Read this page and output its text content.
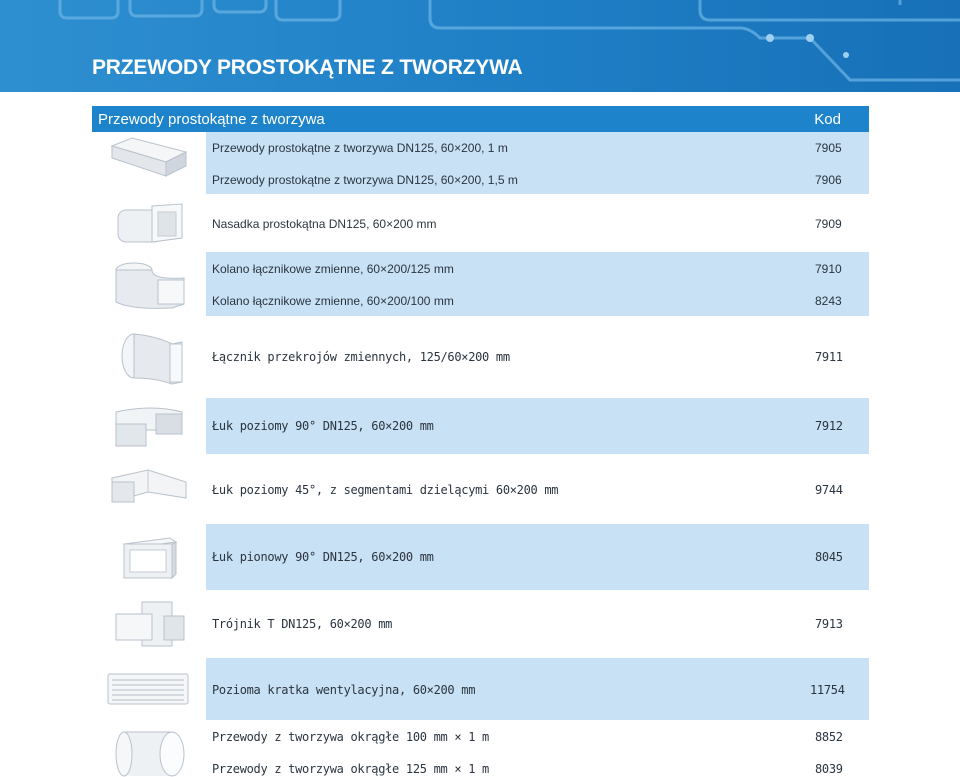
PRZEWODY PROSTOKĄTNE Z TWORZYWA
Przewody prostokątne z tworzywa	Kod
Przewody prostokątne z tworzywa DN125, 60×200, 1 m	7905
Przewody prostokątne z tworzywa DN125, 60×200, 1,5 m	7906
Nasadka prostokątna DN125, 60×200 mm	7909
Kolano łącznikowe zmienne, 60×200/125 mm	7910
Kolano łącznikowe zmienne, 60×200/100 mm	8243
Łącznik przekrojów zmiennych, 125/60×200 mm	7911
Łuk poziomy 90° DN125, 60×200 mm	7912
Łuk poziomy 45°, z segmentami dzielącymi 60×200 mm	9744
Łuk pionowy 90° DN125, 60×200 mm	8045
Trójnik T DN125, 60×200 mm	7913
Pozioma kratka wentylacyjna, 60×200 mm	11754
Przewody z tworzywa okrągłe 100 mm × 1 m	8852
Przewody z tworzywa okrągłe 125 mm × 1 m	8039
